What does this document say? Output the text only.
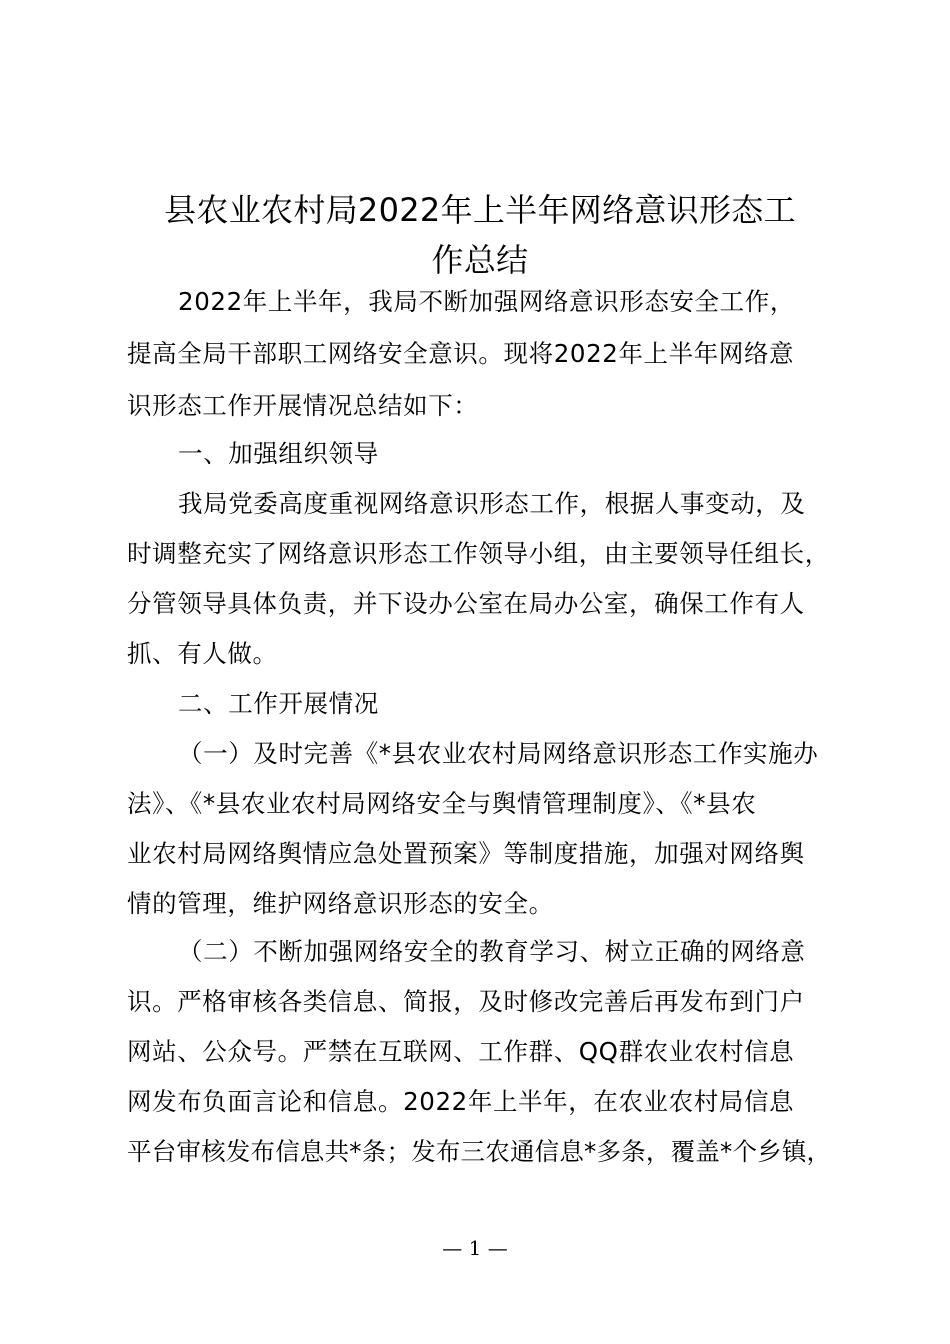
县农业农村局2022年上半年网络意识形态工
作总结
2022年上半年，我局不断加强网络意识形态安全工作，
提高全局干部职工网络安全意识。现将2022年上半年网络意
识形态工作开展情况总结如下：
一、加强组织领导
我局党委高度重视网络意识形态工作，根据人事变动，及
时调整充实了网络意识形态工作领导小组，由主要领导任组长，
分管领导具体负责，并下设办公室在局办公室，确保工作有人
抓、有人做。
二、工作开展情况
（一）及时完善《*县农业农村局网络意识形态工作实施办
法》、《*县农业农村局网络安全与舆情管理制度》、《*县农
业农村局网络舆情应急处置预案》等制度措施，加强对网络舆
情的管理，维护网络意识形态的安全。
（二）不断加强网络安全的教育学习、树立正确的网络意
识。严格审核各类信息、简报，及时修改完善后再发布到门户
网站、公众号。严禁在互联网、工作群、QQ群农业农村信息
网发布负面言论和信息。2022年上半年，在农业农村局信息
平台审核发布信息共*条；发布三农通信息*多条，覆盖*个乡镇，
— 1 —
